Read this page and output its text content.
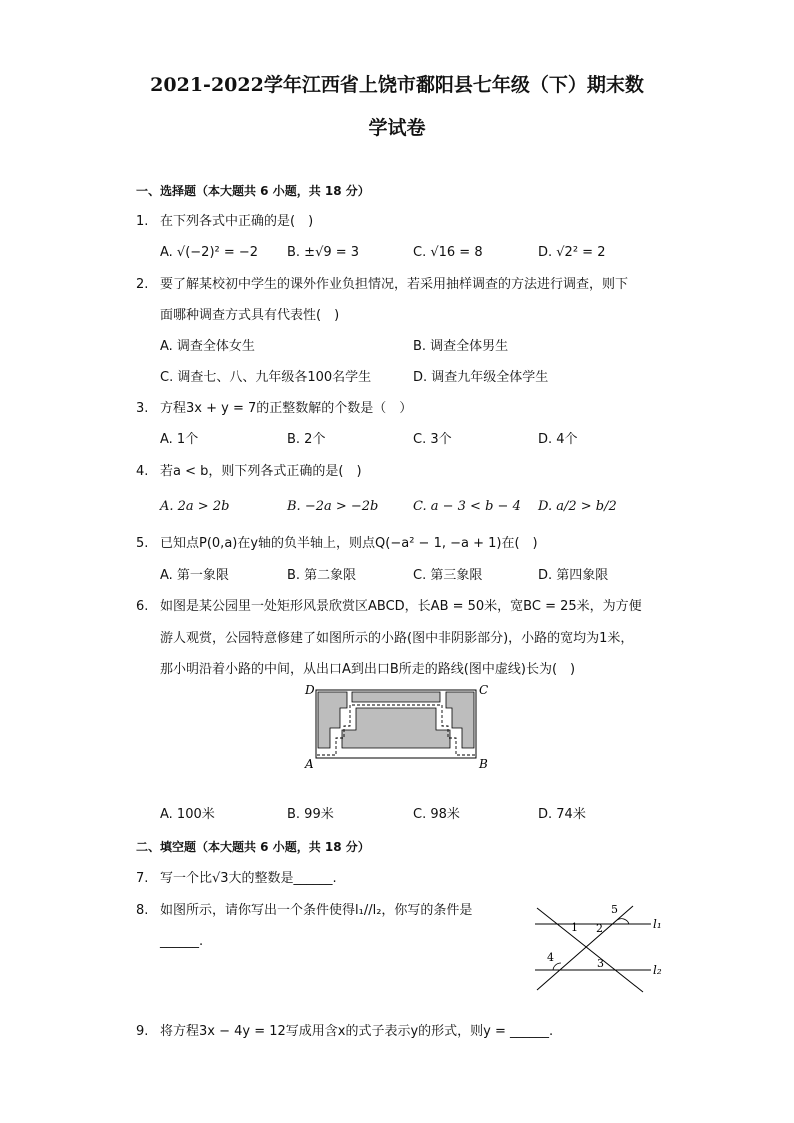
2021-2022学年江西省上饶市鄱阳县七年级（下）期末数
学试卷
一、选择题（本大题共 6 小题，共 18 分）
1. 在下列各式中正确的是(　)
A. √(−2)² = −2 B. ±√9 = 3	C. √16 = 8	D. √2² = 2
2. 要了解某校初中学生的课外作业负担情况，若采用抽样调查的方法进行调查，则下
面哪种调查方式具有代表性(　)
A. 调查全体女生	B. 调查全体男生
C. 调查七、八、九年级各100名学生	D. 调查九年级全体学生
3. 方程3x + y = 7的正整数解的个数是（　）
A. 1个	B. 2个	C. 3个	D. 4个
4. 若a < b，则下列各式正确的是(　)
A. 2a > 2b	B. −2a > −2b	C. a − 3 < b − 4 D. a/2 > b/2
5. 已知点P(0,a)在y轴的负半轴上，则点Q(−a² − 1, −a + 1)在(　)
A. 第一象限	B. 第二象限	C. 第三象限	D. 第四象限
6. 如图是某公园里一处矩形风景欣赏区ABCD，长AB = 50米，宽BC = 25米，为方便
游人观赏，公园特意修建了如图所示的小路(图中非阴影部分)，小路的宽均为1米，
那小明沿着小路的中间，从出口A到出口B所走的路线(图中虚线)长为(　)
D	C
A	B
A. 100米	B. 99米	C. 98米	D. 74米
二、填空题（本大题共 6 小题，共 18 分）
7. 写一个比√3大的整数是______.
8. 如图所示，请你写出一个条件使得l₁//l₂，你写的条件是
______.
1 2
3
4
5
l₁
l₂
9. 将方程3x − 4y = 12写成用含x的式子表示y的形式，则y = ______.
